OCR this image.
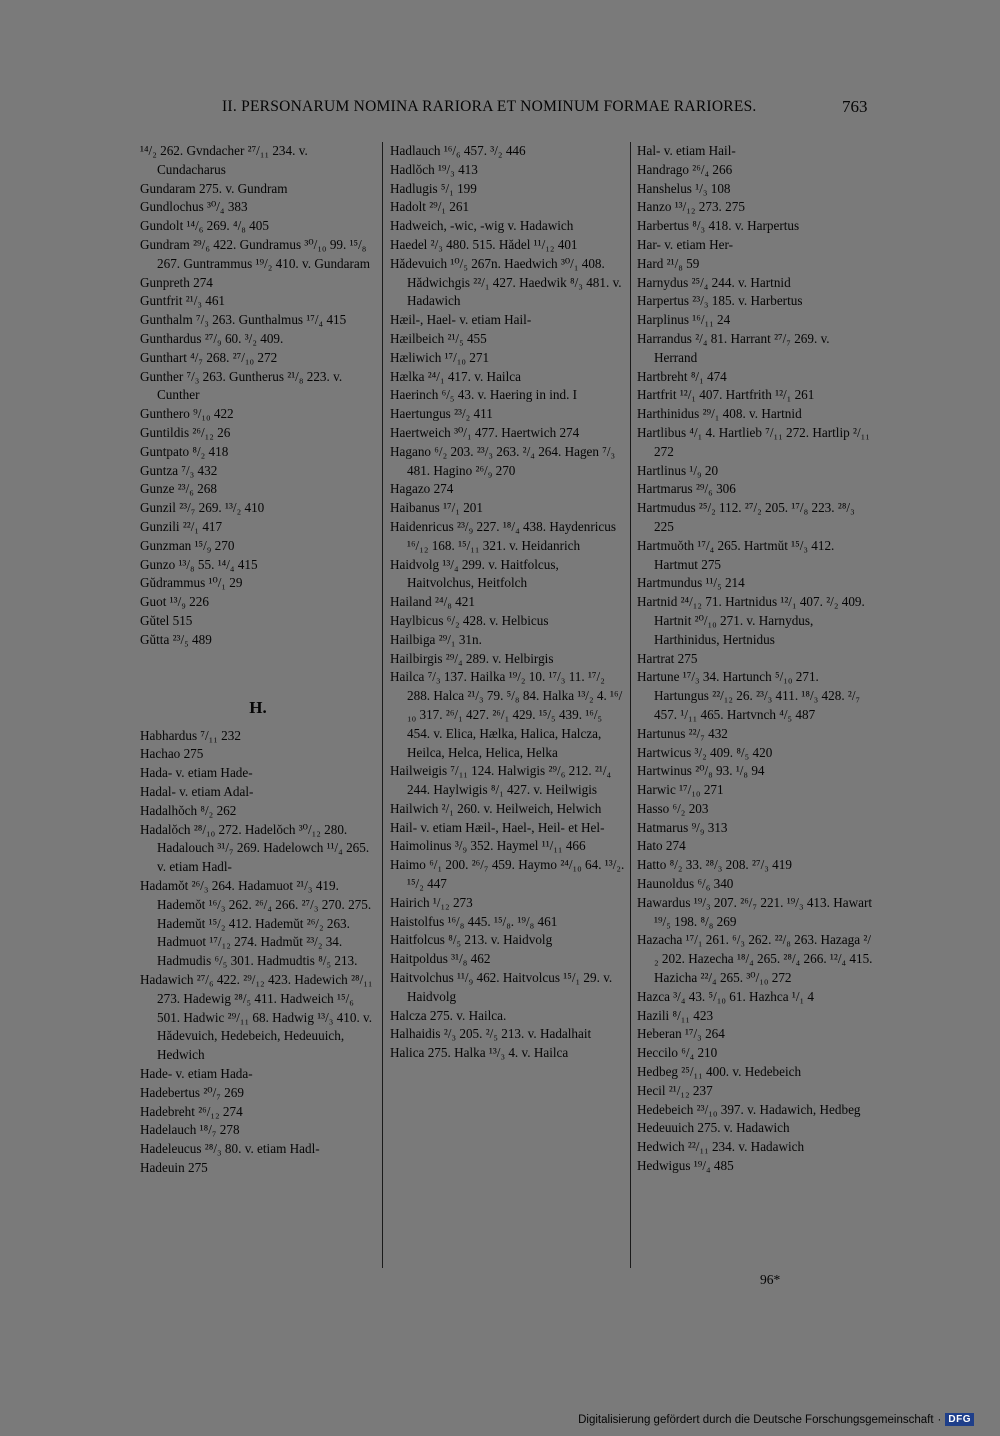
II. PERSONARUM NOMINA RARIORA ET NOMINUM FORMAE RARIORES.	763

¹⁴/₂ 262. Gvndacher ²⁷/₁₁ 234. v. Cundacharus

Gundaram 275. v. Gundram

Gundlochus ³⁰/₄ 383

Gundolt ¹⁴/₆ 269. ⁴/₈ 405

Gundram ²⁹/₆ 422. Gundramus ³⁰/₁₀ 99. ¹⁵/₈ 267. Guntrammus ¹⁹/₂ 410. v. Gundaram

Gunpreth 274

Guntfrit ²¹/₃ 461

Gunthalm ⁷/₃ 263. Gunthalmus ¹⁷/₄ 415

Gunthardus ²⁷/₉ 60. ³/₂ 409.

Gunthart ⁴/₇ 268. ²⁷/₁₀ 272

Gunther ⁷/₃ 263. Guntherus ²¹/₈ 223. v. Cunther

Gunthero ⁹/₁₀ 422

Guntildis ²⁶/₁₂ 26

Guntpato ⁸/₂ 418

Guntza ⁷/₃ 432

Gunze ²³/₆ 268

Gunzil ²³/₇ 269. ¹³/₂ 410

Gunzili ²²/₁ 417

Gunzman ¹⁵/₉ 270

Gunzo ¹³/₈ 55. ¹⁴/₄ 415

Gŭdrammus ¹⁰/₁ 29

Guot ¹³/₉ 226

Gŭtel 515

Gŭtta ²³/₅ 489

H.

Habhardus ⁷/₁₁ 232

Hachao 275

Hada- v. etiam Hade-

Hadal- v. etiam Adal-

Hadalhŏch ⁸/₂ 262

Hadalŏch ²⁸/₁₀ 272. Hadelŏch ³⁰/₁₂ 280. Hadalouch ³¹/₇ 269. Hadelowch ¹¹/₄ 265. v. etiam Hadl-

Hadamŏt ²⁶/₃ 264. Hadamuot ²¹/₃ 419. Hademŏt ¹⁶/₃ 262. ²⁶/₄ 266. ²⁷/₃ 270. 275. Hademŭt ¹⁵/₂ 412. Hademŭt ²⁶/₂ 263. Hadmuot ¹⁷/₁₂ 274. Hadmŭt ²³/₂ 34. Hadmudis ⁶/₅ 301. Hadmudtis ⁸/₅ 213.

Hadawich ²⁷/₆ 422. ²⁹/₁₂ 423. Hadewich ²⁸/₁₁ 273. Hadewig ²⁸/₅ 411. Hadweich ¹⁵/₆ 501. Hadwic ²⁹/₁₁ 68. Hadwig ¹³/₃ 410. v. Hădevuich, Hedebeich, Hedeuuich, Hedwich

Hade- v. etiam Hada-

Hadebertus ²⁰/₇ 269

Hadebreht ²⁶/₁₂ 274

Hadelauch ¹⁸/₇ 278

Hadeleucus ²⁸/₃ 80. v. etiam Hadl-

Hadeuin 275

Hadlauch ¹⁶/₆ 457. ³/₂ 446

Hadlŏch ¹⁹/₃ 413

Hadlugis ⁵/₁ 199

Hadolt ²⁹/₁ 261

Hadweich, -wic, -wig v. Hadawich

Haedel ²/₃ 480. 515. Hădel ¹¹/₁₂ 401

Hădevuich ¹⁰/₅ 267n. Haedwich ³⁰/₁ 408. Hădwichgis ²²/₁ 427. Haedwik ⁸/₃ 481. v. Hadawich

Hæil-, Hael- v. etiam Hail-

Hæilbeich ²¹/₅ 455

Hæliwich ¹⁷/₁₀ 271

Hælka ²⁴/₁ 417. v. Hailca

Haerinch ⁶/₅ 43. v. Haering in ind. I

Haertungus ²³/₂ 411

Haertweich ³⁰/₁ 477. Haertwich 274

Hagano ⁶/₂ 203. ²³/₃ 263. ²/₄ 264. Hagen ⁷/₃ 481. Hagino ²⁶/₉ 270

Hagazo 274

Haibanus ¹⁷/₁ 201

Haidenricus ²³/₉ 227. ¹⁸/₄ 438. Haydenricus ¹⁶/₁₂ 168. ¹⁵/₁₁ 321. v. Heidanrich

Haidvolg ¹³/₄ 299. v. Haitfolcus, Haitvolchus, Heitfolch

Hailand ²⁴/₈ 421

Haylbicus ⁶/₂ 428. v. Helbicus

Hailbiga ²⁹/₁ 31n.

Hailbirgis ²⁹/₄ 289. v. Helbirgis

Hailca ⁷/₃ 137. Hailka ¹⁹/₂ 10. ¹⁷/₃ 11. ¹⁷/₂ 288. Halca ²¹/₃ 79. ⁵/₈ 84. Halka ¹³/₂ 4. ¹⁶/₁₀ 317. ²⁶/₁ 427. ²⁶/₁ 429. ¹⁵/₅ 439. ¹⁶/₅ 454. v. Elica, Hælka, Halica, Halcza, Heilca, Helca, Helica, Helka

Hailweigis ⁷/₁₁ 124. Halwigis ²⁹/₆ 212. ²¹/₄ 244. Haylwigis ⁸/₁ 427. v. Heilwigis

Hailwich ²/₁ 260. v. Heilweich, Helwich

Hail- v. etiam Hæil-, Hael-, Heil- et Hel-

Haimolinus ³/₉ 352. Haymel ¹¹/₁₁ 466

Haimo ⁶/₁ 200. ²⁶/₇ 459. Haymo ²⁴/₁₀ 64. ¹³/₂. ¹⁵/₂ 447

Hairich ¹/₁₂ 273

Haistolfus ¹⁶/₈ 445. ¹⁵/₈. ¹⁹/₈ 461

Haitfolcus ⁸/₅ 213. v. Haidvolg

Haitpoldus ³¹/₈ 462

Haitvolchus ¹¹/₉ 462. Haitvolcus ¹⁵/₁ 29. v. Haidvolg

Halcza 275. v. Hailca.

Halhaidis ²/₃ 205. ²/₅ 213. v. Hadalhait

Halica 275. Halka ¹³/₃ 4. v. Hailca

Hal- v. etiam Hail-

Handrago ²⁶/₄ 266

Hanshelus ¹/₃ 108

Hanzo ¹³/₁₂ 273. 275

Harbertus ⁸/₃ 418. v. Harpertus

Har- v. etiam Her-

Hard ²¹/₈ 59

Harnydus ²⁵/₄ 244. v. Hartnid

Harpertus ²³/₃ 185. v. Harbertus

Harplinus ¹⁶/₁₁ 24

Harrandus ²/₄ 81. Harrant ²⁷/₇ 269. v. Herrand

Hartbreht ⁸/₁ 474

Hartfrit ¹²/₁ 407. Hartfrith ¹²/₁ 261

Harthinidus ²⁹/₁ 408. v. Hartnid

Hartlibus ⁴/₁ 4. Hartlieb ⁷/₁₁ 272. Hartlip ²/₁₁ 272

Hartlinus ¹/₉ 20

Hartmarus ²⁹/₆ 306

Hartmudus ²⁵/₂ 112. ²⁷/₂ 205. ¹⁷/₈ 223. ²⁸/₃ 225

Hartmuŏth ¹⁷/₄ 265. Hartmŭt ¹⁵/₃ 412. Hartmut 275

Hartmundus ¹¹/₅ 214

Hartnid ²⁴/₁₂ 71. Hartnidus ¹²/₁ 407. ²/₂ 409. Hartnit ²⁰/₁₀ 271. v. Harnydus, Harthinidus, Hertnidus

Hartrat 275

Hartune ¹⁷/₃ 34. Hartunch ⁵/₁₀ 271. Hartungus ²²/₁₂ 26. ²³/₃ 411. ¹⁸/₃ 428. ²/₇ 457. ¹/₁₁ 465. Hartvnch ⁴/₅ 487

Hartunus ²²/₇ 432

Hartwicus ³/₂ 409. ⁸/₅ 420

Hartwinus ²⁰/₈ 93. ¹/₈ 94

Harwic ¹⁷/₁₀ 271

Hasso ⁶/₂ 203

Hatmarus ⁹/₉ 313

Hato 274

Hatto ⁸/₂ 33. ²⁸/₃ 208. ²⁷/₃ 419

Haunoldus ⁶/₆ 340

Hawardus ¹⁹/₃ 207. ²⁶/₇ 221. ¹⁹/₃ 413. Hawart ¹⁹/₅ 198. ⁸/₈ 269

Hazacha ¹⁷/₁ 261. ⁶/₃ 262. ²²/₈ 263. Hazaga ²/₂ 202. Hazecha ¹⁸/₄ 265. ²⁸/₄ 266. ¹²/₄ 415. Hazicha ²²/₄ 265. ³⁰/₁₀ 272

Hazca ³/₄ 43. ⁵/₁₀ 61. Hazhca ¹/₁ 4

Hazili ⁸/₁₁ 423

Heberan ¹⁷/₃ 264

Heccilo ⁶/₄ 210

Hedbeg ²⁵/₁₁ 400. v. Hedebeich

Hecil ²¹/₁₂ 237

Hedebeich ²³/₁₀ 397. v. Hadawich, Hedbeg

Hedeuuich 275. v. Hadawich

Hedwich ²²/₁₁ 234. v. Hadawich

Hedwigus ¹⁹/₄ 485

96*
Digitalisierung gefördert durch die Deutsche Forschungsgemeinschaft · DFG
